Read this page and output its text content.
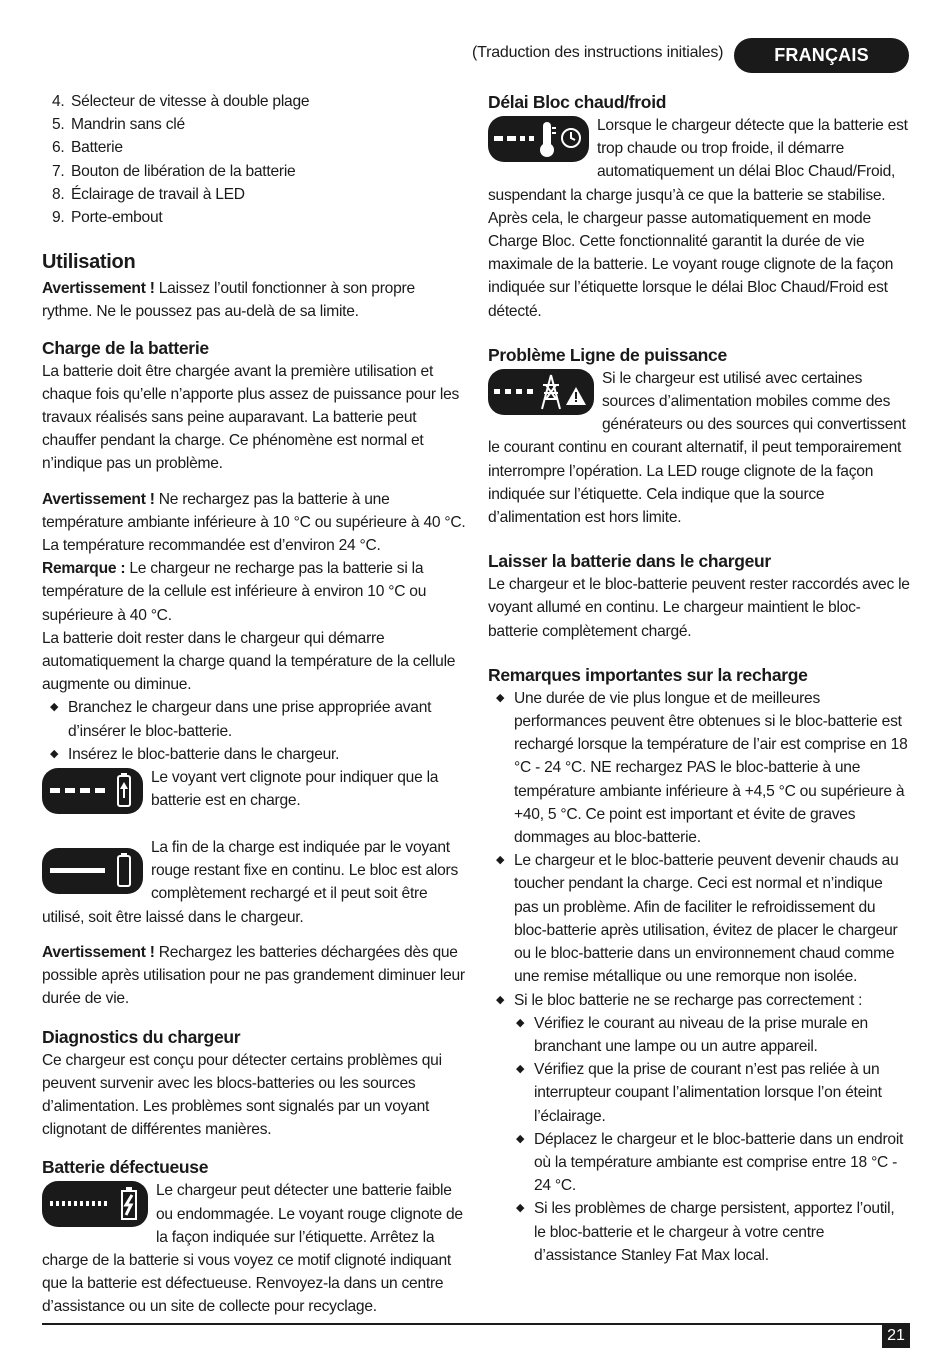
(Traduction des instructions initiales)	FRANÇAIS
4. Sélecteur de vitesse à double plage
5. Mandrin sans clé
6. Batterie
7. Bouton de libération de la batterie
8. Éclairage de travail à LED
9. Porte-embout
Utilisation

Avertissement ! Laissez l’outil fonctionner à son propre rythme. Ne le poussez pas au-delà de sa limite.

Charge de la batterie

La batterie doit être chargée avant la première utilisation et chaque fois qu’elle n’apporte plus assez de puissance pour les travaux réalisés sans peine auparavant. La batterie peut chauffer pendant la charge. Ce phénomène est normal et n’indique pas un problème.

Avertissement ! Ne rechargez pas la batterie à une température ambiante inférieure à 10 °C ou supérieure à 40 °C. La température recommandée est d’environ 24 °C.

Remarque : Le chargeur ne recharge pas la batterie si la température de la cellule est inférieure à environ 10 °C ou supérieure à 40 °C.

La batterie doit rester dans le chargeur qui démarre automatiquement la charge quand la température de la cellule augmente ou diminue.

◆ Branchez le chargeur dans une prise appropriée avant d’insérer le bloc-batterie.
◆ Insérez le bloc-batterie dans le chargeur.

Le voyant vert clignote pour indiquer que la batterie est en charge.

La fin de la charge est indiquée par le voyant rouge restant fixe en continu. Le bloc est alors complètement rechargé et il peut soit être utilisé, soit être laissé dans le chargeur.

Avertissement ! Rechargez les batteries déchargées dès que possible après utilisation pour ne pas grandement diminuer leur durée de vie.

Diagnostics du chargeur

Ce chargeur est conçu pour détecter certains problèmes qui peuvent survenir avec les blocs-batteries ou les sources d’alimentation. Les problèmes sont signalés par un voyant clignotant de différentes manières.

Batterie défectueuse

Le chargeur peut détecter une batterie faible ou endommagée. Le voyant rouge clignote de la façon indiquée sur l’étiquette. Arrêtez la charge de la batterie si vous voyez ce motif clignoté indiquant que la batterie est défectueuse. Renvoyez-la dans un centre d’assistance ou un site de collecte pour recyclage.

Délai Bloc chaud/froid

Lorsque le chargeur détecte que la batterie est trop chaude ou trop froide, il démarre automatiquement un délai Bloc Chaud/Froid, suspendant la charge jusqu’à ce que la batterie se stabilise. Après cela, le chargeur passe automatiquement en mode Charge Bloc. Cette fonctionnalité garantit la durée de vie maximale de la batterie. Le voyant rouge clignote de la façon indiquée sur l’étiquette lorsque le délai Bloc Chaud/Froid est détecté.

Problème Ligne de puissance

Si le chargeur est utilisé avec certaines sources d’alimentation mobiles comme des générateurs ou des sources qui convertissent le courant continu en courant alternatif, il peut temporairement interrompre l’opération. La LED rouge clignote de la façon indiquée sur l’étiquette. Cela indique que la source d’alimentation est hors limite.

Laisser la batterie dans le chargeur

Le chargeur et le bloc-batterie peuvent rester raccordés avec le voyant allumé en continu. Le chargeur maintient le bloc-batterie complètement chargé.

Remarques importantes sur la recharge
◆ Une durée de vie plus longue et de meilleures performances peuvent être obtenues si le bloc-batterie est rechargé lorsque la température de l’air est comprise en 18 °C - 24 °C. NE rechargez PAS le bloc-batterie à une température ambiante inférieure à +4,5 °C ou supérieure à +40, 5 °C. Ce point est important et évite de graves dommages au bloc-batterie.
◆ Le chargeur et le bloc-batterie peuvent devenir chauds au toucher pendant la charge. Ceci est normal et n’indique pas un problème. Afin de faciliter le refroidissement du bloc-batterie après utilisation, évitez de placer le chargeur ou le bloc-batterie dans un environnement chaud comme une remise métallique ou une remorque non isolée.
◆ Si le bloc batterie ne se recharge pas correctement :
◆ Vérifiez le courant au niveau de la prise murale en branchant une lampe ou un autre appareil.
◆ Vérifiez que la prise de courant n’est pas reliée à un interrupteur coupant l’alimentation lorsque l’on éteint l’éclairage.
◆ Déplacez le chargeur et le bloc-batterie dans un endroit où la température ambiante est comprise entre 18 °C - 24 °C.
◆ Si les problèmes de charge persistent, apportez l’outil, le bloc-batterie et le chargeur à votre centre d’assistance Stanley Fat Max local.
21
